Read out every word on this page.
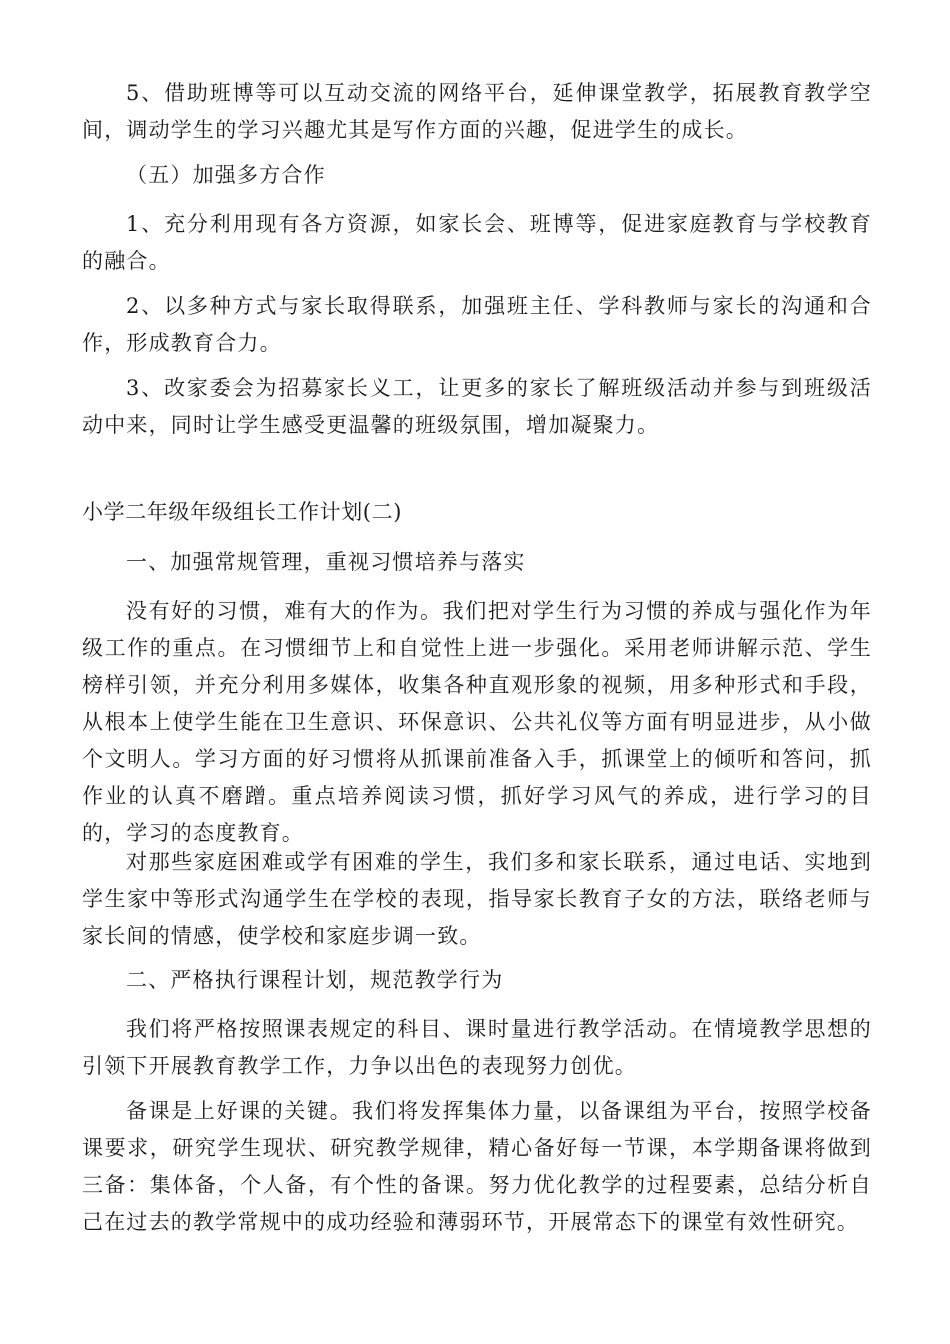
5、借助班博等可以互动交流的网络平台，延伸课堂教学，拓展教育教学空间，调动学生的学习兴趣尤其是写作方面的兴趣，促进学生的成长。

（五）加强多方合作

1、充分利用现有各方资源，如家长会、班博等，促进家庭教育与学校教育的融合。

2、以多种方式与家长取得联系，加强班主任、学科教师与家长的沟通和合作，形成教育合力。

3、改家委会为招募家长义工，让更多的家长了解班级活动并参与到班级活动中来，同时让学生感受更温馨的班级氛围，增加凝聚力。

小学二年级年级组长工作计划(二)

一、加强常规管理，重视习惯培养与落实

没有好的习惯，难有大的作为。我们把对学生行为习惯的养成与强化作为年级工作的重点。在习惯细节上和自觉性上进一步强化。采用老师讲解示范、学生榜样引领，并充分利用多媒体，收集各种直观形象的视频，用多种形式和手段，从根本上使学生能在卫生意识、环保意识、公共礼仪等方面有明显进步，从小做个文明人。学习方面的好习惯将从抓课前准备入手，抓课堂上的倾听和答问，抓作业的认真不磨蹭。重点培养阅读习惯，抓好学习风气的养成，进行学习的目的，学习的态度教育。

对那些家庭困难或学有困难的学生，我们多和家长联系，通过电话、实地到学生家中等形式沟通学生在学校的表现，指导家长教育子女的方法，联络老师与家长间的情感，使学校和家庭步调一致。

二、严格执行课程计划，规范教学行为

我们将严格按照课表规定的科目、课时量进行教学活动。在情境教学思想的引领下开展教育教学工作，力争以出色的表现努力创优。

备课是上好课的关键。我们将发挥集体力量，以备课组为平台，按照学校备课要求，研究学生现状、研究教学规律，精心备好每一节课，本学期备课将做到三备：集体备，个人备，有个性的备课。努力优化教学的过程要素，总结分析自己在过去的教学常规中的成功经验和薄弱环节，开展常态下的课堂有效性研究。
